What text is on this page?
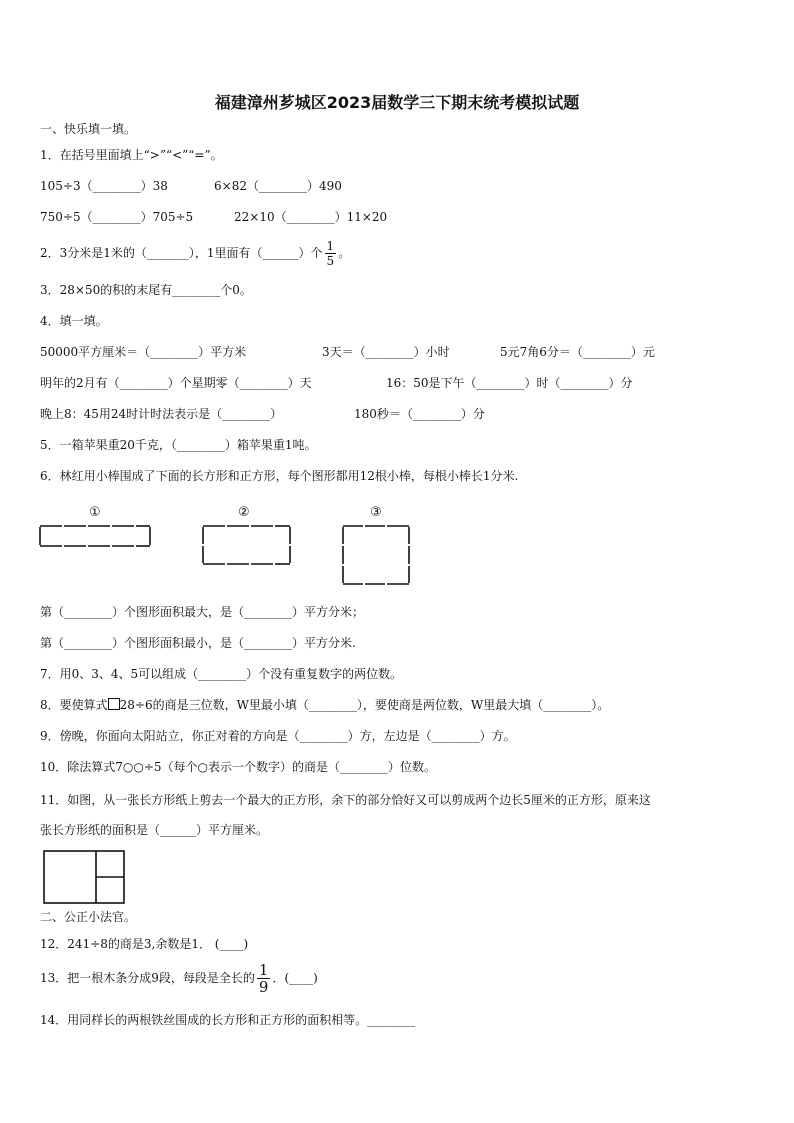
福建漳州芗城区2023届数学三下期末统考模拟试题
一、快乐填一填。
1．在括号里面填上“>”“<”“=”。
105÷3（________）38	6×82（________）490
750÷5（________）705÷5	22×10（________）11×20
2．3分米是1米的（_______），1里面有（______）个 $\frac{1}{5}$ 。
3．28×50的积的末尾有________个0。
4．填一填。
50000平方厘米＝（________）平方米	3天＝（________）小时	5元7角6分＝（________）元
明年的2月有（________）个星期零（________）天	16：50是下午（________）时（________）分
晚上8：45用24时计时法表示是（________）	180秒＝（________）分
5．一箱苹果重20千克，（________）箱苹果重1吨。
6．林红用小棒围成了下面的长方形和正方形，每个图形都用12根小棒，每根小棒长1分米.
①	②	③
第（________）个图形面积最大，是（________）平方分米；
第（________）个图形面积最小，是（________）平方分米.
7．用0、3、4、5可以组成（________）个没有重复数字的两位数。
8．要使算式 28÷6的商是三位数，W里最小填（________），要使商是两位数，W里最大填（________）。
9．傍晚，你面向太阳站立，你正对着的方向是（________）方，左边是（________）方。
10．除法算式7○○÷5（每个○表示一个数字）的商是（________）位数。
11．如图，从一张长方形纸上剪去一个最大的正方形，余下的部分恰好又可以剪成两个边长5厘米的正方形，原来这
张长方形纸的面积是（______）平方厘米。
二、公正小法官。
12．241÷8的商是3,余数是1． (____)
13．把一根木条分成9段，每段是全长的 $\frac{1}{9}$ ．(____)
14．用同样长的两根铁丝围成的长方形和正方形的面积相等。________
